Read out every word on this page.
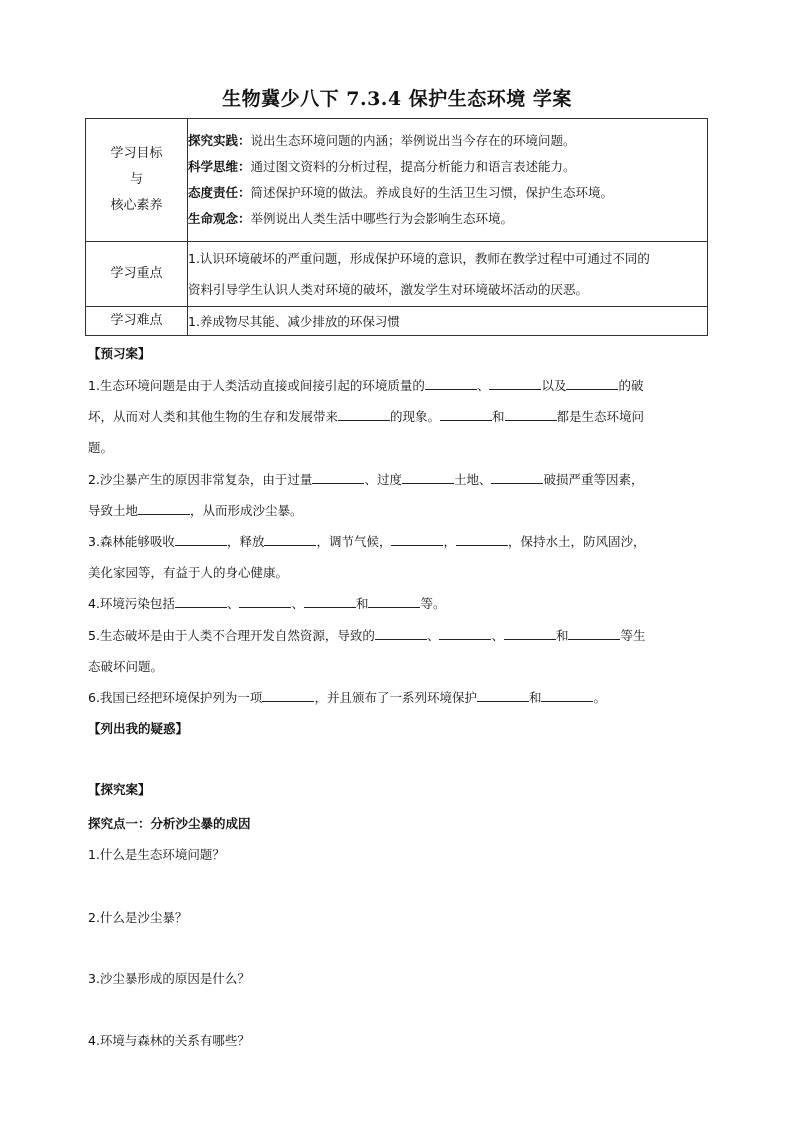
生物冀少八下 7.3.4 保护生态环境 学案
学习目标
与
核心素养	探究实践：说出生态环境问题的内涵；举例说出当今存在的环境问题。
科学思维：通过图文资料的分析过程，提高分析能力和语言表述能力。
态度责任：简述保护环境的做法。养成良好的生活卫生习惯，保护生态环境。
生命观念：举例说出人类生活中哪些行为会影响生态环境。

学习重点	1.认识环境破坏的严重问题，形成保护环境的意识，教师在教学过程中可通过不同的
资料引导学生认识人类对环境的破坏，激发学生对环境破坏活动的厌恶。

学习难点	1.养成物尽其能、减少排放的环保习惯
【预习案】
1.生态环境问题是由于人类活动直接或间接引起的环境质量的	、	以及	的破
坏，从而对人类和其他生物的生存和发展带来	的现象。	和	都是生态环境问
题。
2.沙尘暴产生的原因非常复杂，由于过量	、过度	土地、	破损严重等因素，
导致土地	，从而形成沙尘暴。
3.森林能够吸收	，释放	，调节气候，	，	，保持水土，防风固沙，
美化家园等，有益于人的身心健康。
4.环境污染包括	、	、	和	等。
5.生态破坏是由于人类不合理开发自然资源，导致的	、	、	和	等生
态破坏问题。
6.我国已经把环境保护列为一项	，并且颁布了一系列环境保护	和	。
【列出我的疑惑】
【探究案】
探究点一：分析沙尘暴的成因
1.什么是生态环境问题？
2.什么是沙尘暴？
3.沙尘暴形成的原因是什么？
4.环境与森林的关系有哪些？
